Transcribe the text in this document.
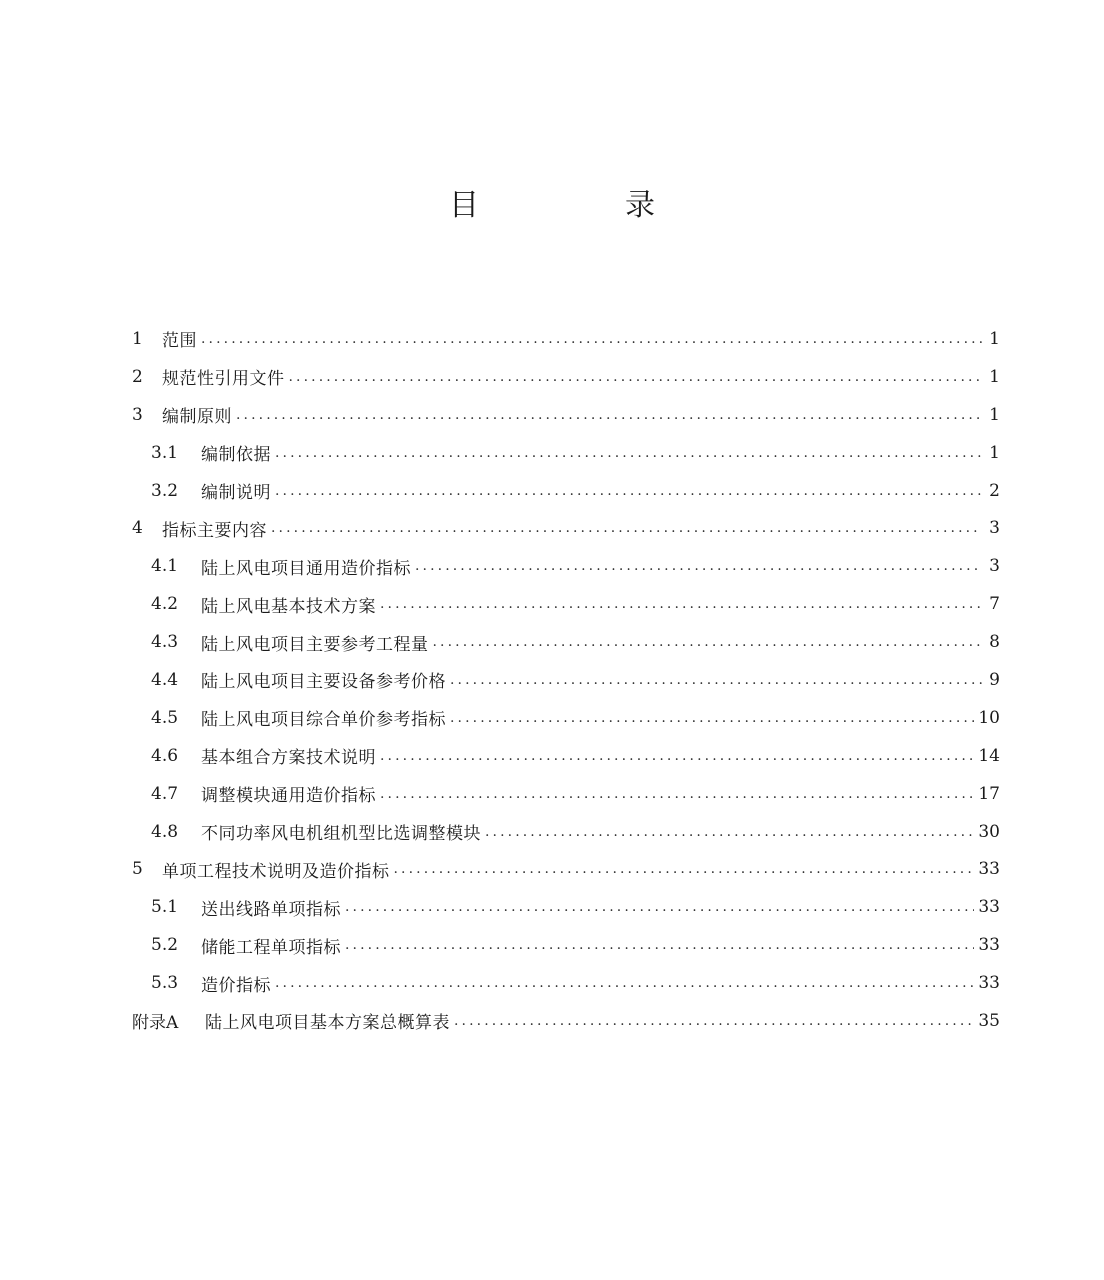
目　录
1	范围 .....	1
2	规范性引用文件 .....	1
3	编制原则 .....	1
3.1	编制依据 .....	1
3.2	编制说明 .....	2
4	指标主要内容 .....	3
4.1	陆上风电项目通用造价指标 .....	3
4.2	陆上风电基本技术方案 .....	7
4.3	陆上风电项目主要参考工程量 .....	8
4.4	陆上风电项目主要设备参考价格 .....	9
4.5	陆上风电项目综合单价参考指标 .....	10
4.6	基本组合方案技术说明 .....	14
4.7	调整模块通用造价指标 .....	17
4.8	不同功率风电机组机型比选调整模块 .....	30
5	单项工程技术说明及造价指标 .....	33
5.1	送出线路单项指标 .....	33
5.2	储能工程单项指标 .....	33
5.3	造价指标 .....	33
附录A	陆上风电项目基本方案总概算表 .....	35
